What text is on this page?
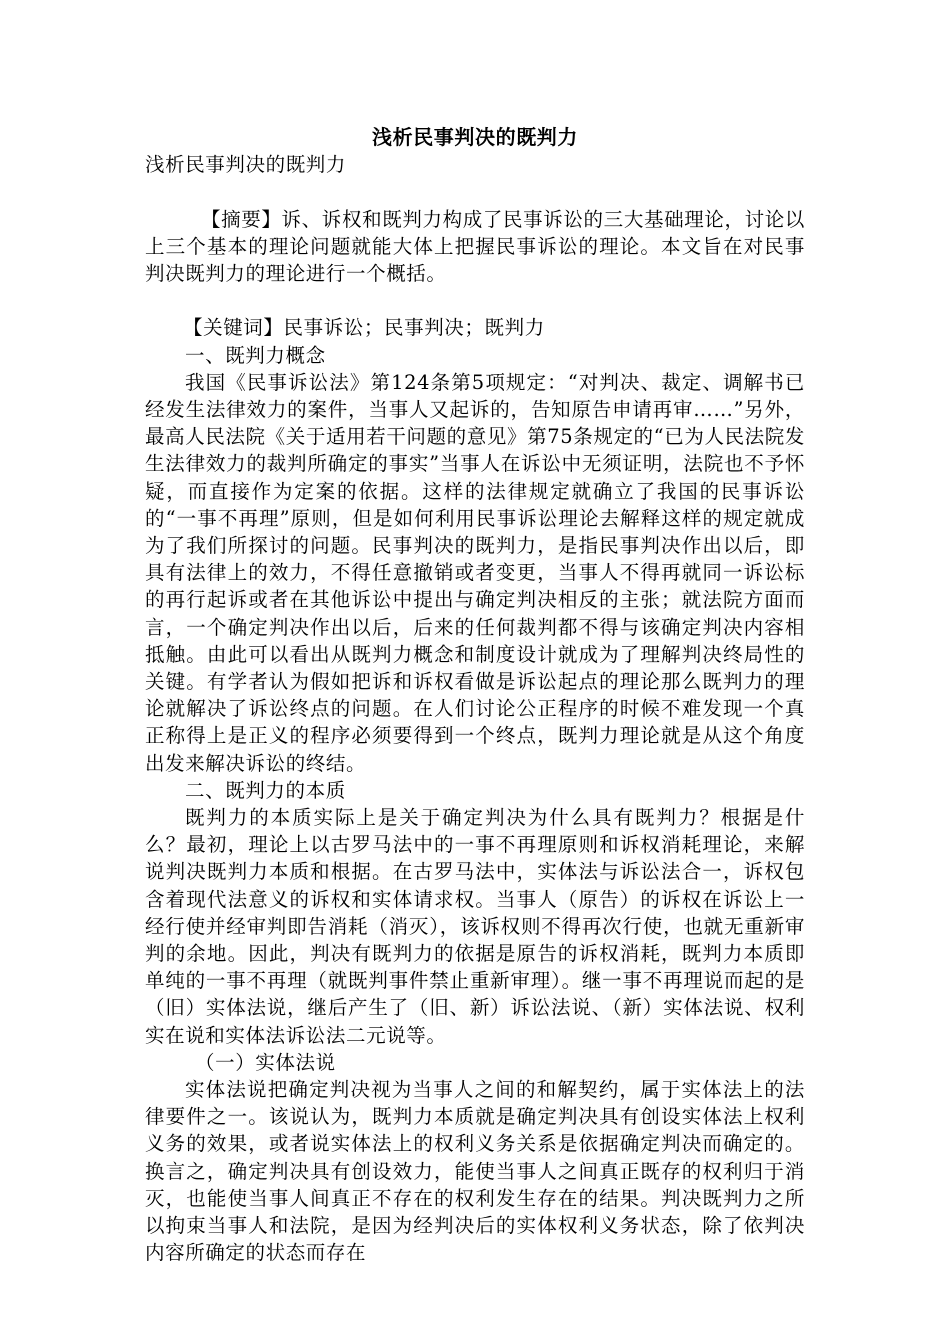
浅析民事判决的既判力

浅析民事判决的既判力

【摘要】诉、诉权和既判力构成了民事诉讼的三大基础理论，讨论以上三个基本的理论问题就能大体上把握民事诉讼的理论。本文旨在对民事判决既判力的理论进行一个概括。

【关键词】民事诉讼；民事判决；既判力

一、既判力概念

我国《民事诉讼法》第124条第5项规定：“对判决、裁定、调解书已经发生法律效力的案件，当事人又起诉的，告知原告申请再审……”另外，最高人民法院《关于适用若干问题的意见》第75条规定的“已为人民法院发生法律效力的裁判所确定的事实”当事人在诉讼中无须证明，法院也不予怀疑，而直接作为定案的依据。这样的法律规定就确立了我国的民事诉讼的“一事不再理”原则，但是如何利用民事诉讼理论去解释这样的规定就成为了我们所探讨的问题。民事判决的既判力，是指民事判决作出以后，即具有法律上的效力，不得任意撤销或者变更，当事人不得再就同一诉讼标的再行起诉或者在其他诉讼中提出与确定判决相反的主张；就法院方面而言，一个确定判决作出以后，后来的任何裁判都不得与该确定判决内容相抵触。由此可以看出从既判力概念和制度设计就成为了理解判决终局性的关键。有学者认为假如把诉和诉权看做是诉讼起点的理论那么既判力的理论就解决了诉讼终点的问题。在人们讨论公正程序的时候不难发现一个真正称得上是正义的程序必须要得到一个终点，既判力理论就是从这个角度出发来解决诉讼的终结。

二、既判力的本质

既判力的本质实际上是关于确定判决为什么具有既判力？根据是什么？最初，理论上以古罗马法中的一事不再理原则和诉权消耗理论，来解说判决既判力本质和根据。在古罗马法中，实体法与诉讼法合一，诉权包含着现代法意义的诉权和实体请求权。当事人（原告）的诉权在诉讼上一经行使并经审判即告消耗（消灭），该诉权则不得再次行使，也就无重新审判的余地。因此，判决有既判力的依据是原告的诉权消耗，既判力本质即单纯的一事不再理（就既判事件禁止重新审理）。继一事不再理说而起的是（旧）实体法说，继后产生了（旧、新）诉讼法说、（新）实体法说、权利实在说和实体法诉讼法二元说等。

（一）实体法说

实体法说把确定判决视为当事人之间的和解契约，属于实体法上的法律要件之一。该说认为，既判力本质就是确定判决具有创设实体法上权利义务的效果，或者说实体法上的权利义务关系是依据确定判决而确定的。换言之，确定判决具有创设效力，能使当事人之间真正既存的权利归于消灭，也能使当事人间真正不存在的权利发生存在的结果。判决既判力之所以拘束当事人和法院，是因为经判决后的实体权利义务状态，除了依判决内容所确定的状态而存在
